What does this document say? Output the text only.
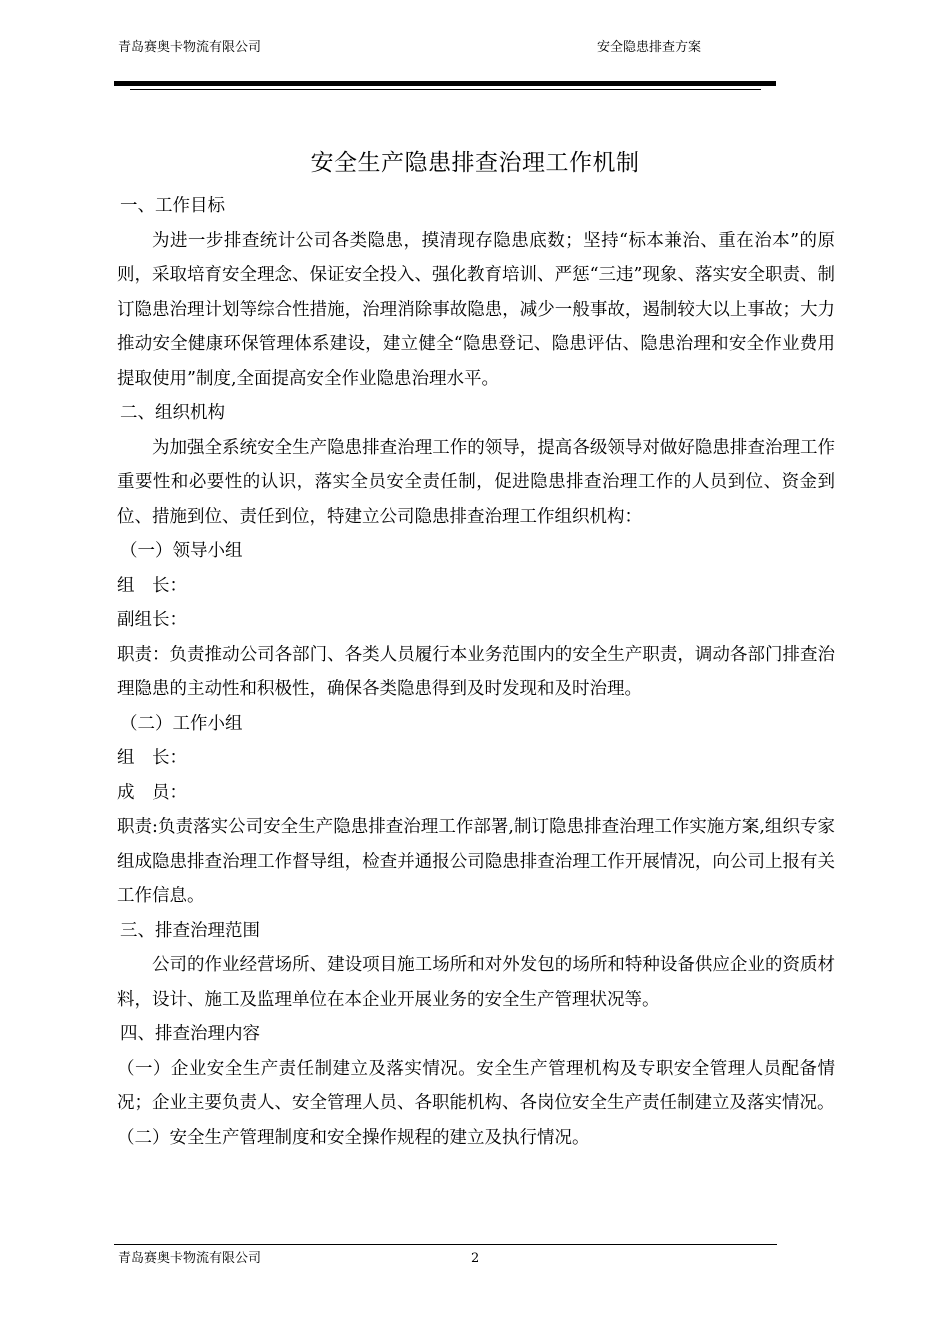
青岛赛奥卡物流有限公司	安全隐患排查方案
安全生产隐患排查治理工作机制

一、工作目标

为进一步排查统计公司各类隐患，摸清现存隐患底数；坚持“标本兼治、重在治本”的原则，采取培育安全理念、保证安全投入、强化教育培训、严惩“三违”现象、落实安全职责、制订隐患治理计划等综合性措施，治理消除事故隐患，减少一般事故，遏制较大以上事故；大力推动安全健康环保管理体系建设，建立健全“隐患登记、隐患评估、隐患治理和安全作业费用提取使用”制度,全面提高安全作业隐患治理水平。

二、组织机构

为加强全系统安全生产隐患排查治理工作的领导，提高各级领导对做好隐患排查治理工作重要性和必要性的认识，落实全员安全责任制，促进隐患排查治理工作的人员到位、资金到位、措施到位、责任到位，特建立公司隐患排查治理工作组织机构：

（一）领导小组

组　长：

副组长：

职责：负责推动公司各部门、各类人员履行本业务范围内的安全生产职责，调动各部门排查治理隐患的主动性和积极性，确保各类隐患得到及时发现和及时治理。

（二）工作小组

组　长：

成　员：

职责:负责落实公司安全生产隐患排查治理工作部署,制订隐患排查治理工作实施方案,组织专家组成隐患排查治理工作督导组，检查并通报公司隐患排查治理工作开展情况，向公司上报有关工作信息。

三、排查治理范围

公司的作业经营场所、建设项目施工场所和对外发包的场所和特种设备供应企业的资质材料，设计、施工及监理单位在本企业开展业务的安全生产管理状况等。

四、排查治理内容

（一）企业安全生产责任制建立及落实情况。安全生产管理机构及专职安全管理人员配备情况；企业主要负责人、安全管理人员、各职能机构、各岗位安全生产责任制建立及落实情况。

（二）安全生产管理制度和安全操作规程的建立及执行情况。

青岛赛奥卡物流有限公司	2
